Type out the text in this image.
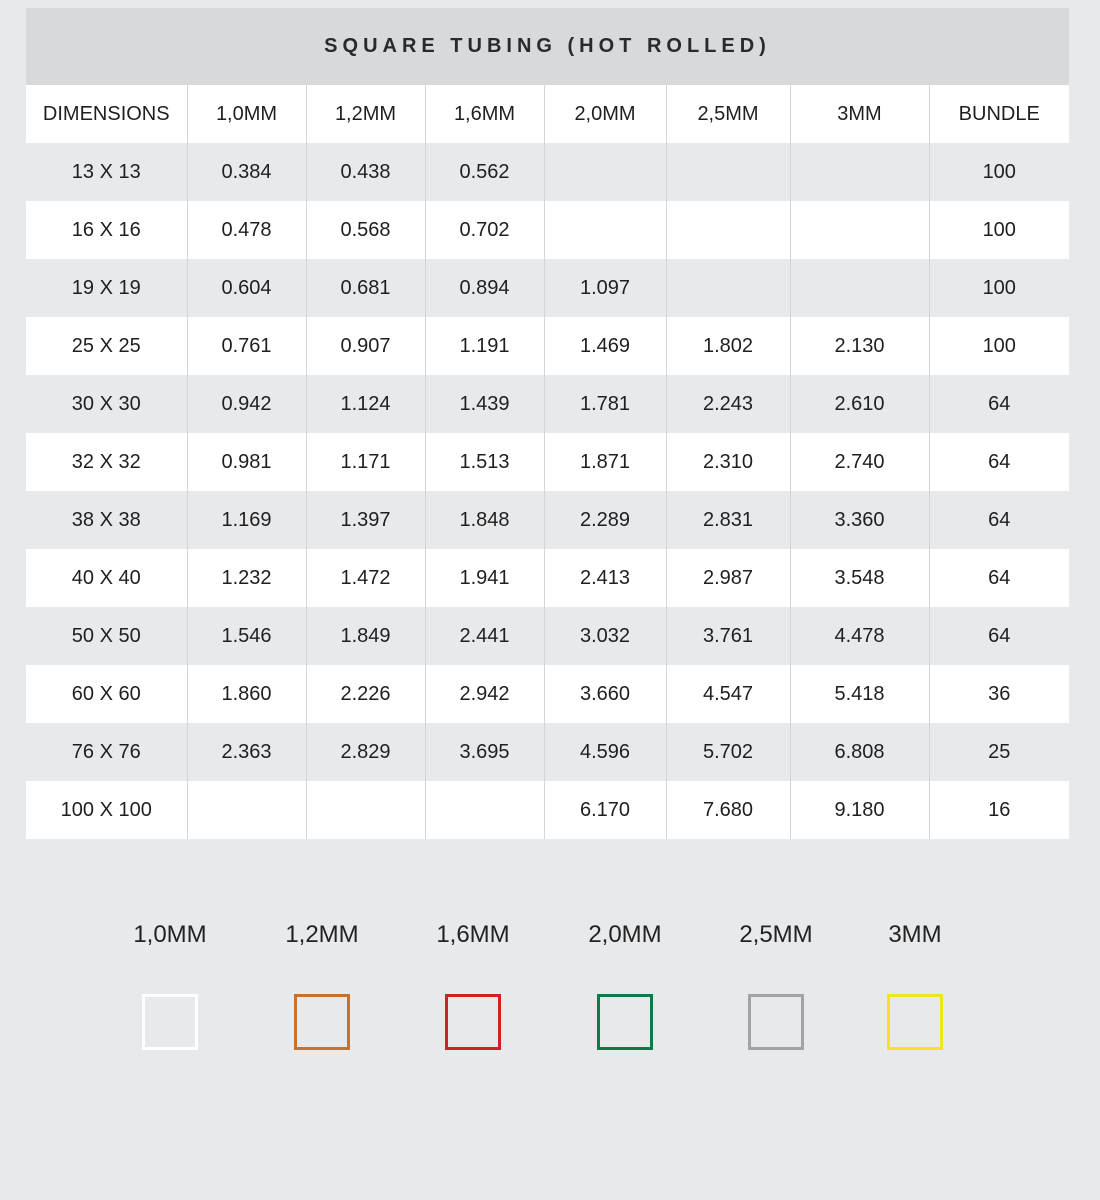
SQUARE TUBING (HOT ROLLED)
DIMENSIONS	1,0MM	1,2MM	1,6MM	2,0MM	2,5MM	3MM	BUNDLE
13 X 13	0.384	0.438	0.562				100
16 X 16	0.478	0.568	0.702				100
19 X 19	0.604	0.681	0.894	1.097			100
25 X 25	0.761	0.907	1.191	1.469	1.802	2.130	100
30 X 30	0.942	1.124	1.439	1.781	2.243	2.610	64
32 X 32	0.981	1.171	1.513	1.871	2.310	2.740	64
38 X 38	1.169	1.397	1.848	2.289	2.831	3.360	64
40 X 40	1.232	1.472	1.941	2.413	2.987	3.548	64
50 X 50	1.546	1.849	2.441	3.032	3.761	4.478	64
60 X 60	1.860	2.226	2.942	3.660	4.547	5.418	36
76 X 76	2.363	2.829	3.695	4.596	5.702	6.808	25
100 X 100				6.170	7.680	9.180	16
1,0MM	1,2MM	1,6MM	2,0MM	2,5MM	3MM
